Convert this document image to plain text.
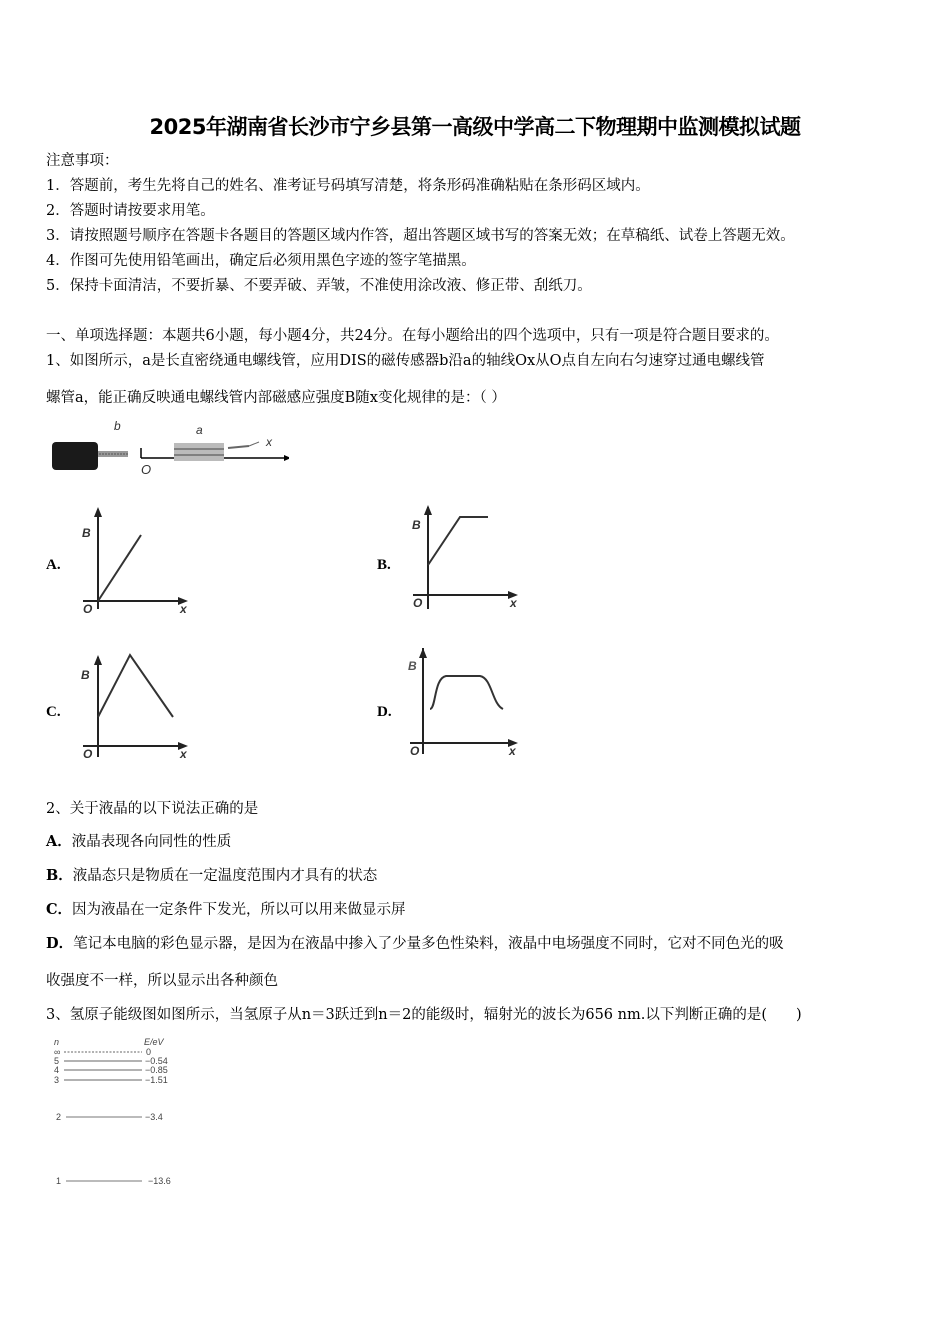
2025年湖南省长沙市宁乡县第一高级中学高二下物理期中监测模拟试题
注意事项：
1．答题前，考生先将自己的姓名、准考证号码填写清楚，将条形码准确粘贴在条形码区域内。
2．答题时请按要求用笔。
3．请按照题号顺序在答题卡各题目的答题区域内作答，超出答题区域书写的答案无效；在草稿纸、试卷上答题无效。
4．作图可先使用铅笔画出，确定后必须用黑色字迹的签字笔描黑。
5．保持卡面清洁，不要折暴、不要弄破、弄皱，不准使用涂改液、修正带、刮纸刀。
一、单项选择题：本题共6小题，每小题4分，共24分。在每小题给出的四个选项中，只有一项是符合题目要求的。
1、如图所示，a是长直密绕通电螺线管，应用DIS的磁传感器b沿a的轴线Ox从O点自左向右匀速穿过通电螺线管
螺管a，能正确反映通电螺线管内部磁感应强度B随x变化规律的是：（ ）
b
O
a
x
A.
B
O	x
B.
B
O	x
C.
B
O	x
D.
B
O	x
2、关于液晶的以下说法正确的是
A．液晶表现各向同性的性质
B．液晶态只是物质在一定温度范围内才具有的状态
C．因为液晶在一定条件下发光，所以可以用来做显示屏
D．笔记本电脑的彩色显示器，是因为在液晶中掺入了少量多色性染料，液晶中电场强度不同时，它对不同色光的吸
收强度不一样，所以显示出各种颜色
3、氢原子能级图如图所示，当氢原子从n＝3跃迁到n＝2的能级时，辐射光的波长为656 nm.以下判断正确的是(　　)
n	E/eV
∞	0
5	−0.54
4	−0.85
3	−1.51
2	−3.4
1	−13.6
